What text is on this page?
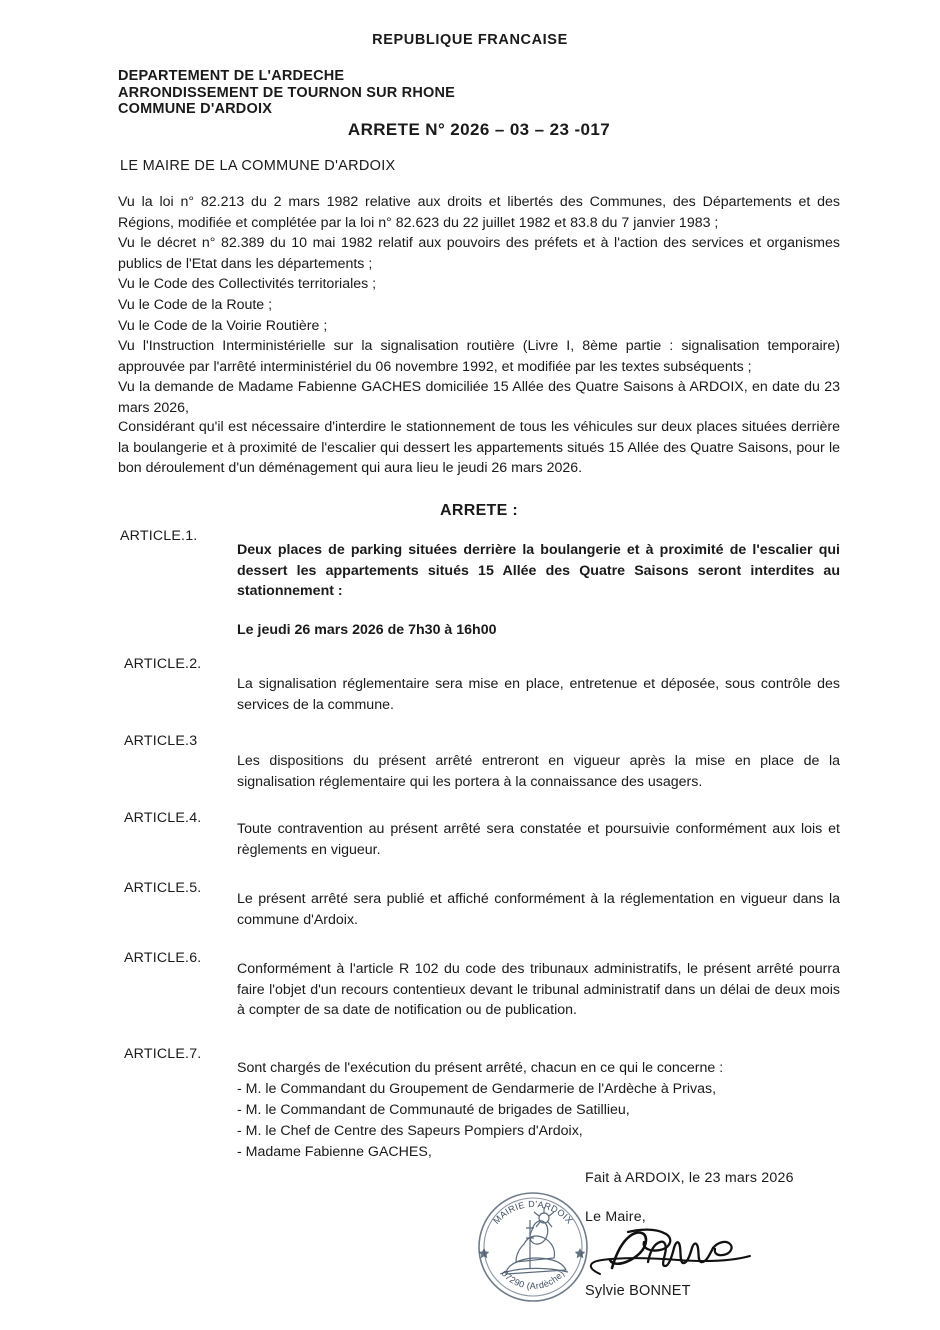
REPUBLIQUE FRANCAISE
DEPARTEMENT DE L'ARDECHE
ARRONDISSEMENT DE TOURNON SUR RHONE
COMMUNE D'ARDOIX
ARRETE N° 2026 – 03 – 23 -017
LE MAIRE DE LA COMMUNE D'ARDOIX

Vu la loi n° 82.213 du 2 mars 1982 relative aux droits et libertés des Communes, des Départements et des Régions, modifiée et complétée par la loi n° 82.623 du 22 juillet 1982 et 83.8 du 7 janvier 1983 ;

Vu le décret n° 82.389 du 10 mai 1982 relatif aux pouvoirs des préfets et à l'action des services et organismes publics de l'Etat dans les départements ;

Vu le Code des Collectivités territoriales ;

Vu le Code de la Route ;

Vu le Code de la Voirie Routière ;

Vu l'Instruction Interministérielle sur la signalisation routière (Livre I, 8ème partie : signalisation temporaire) approuvée par l'arrêté interministériel du 06 novembre 1992, et modifiée par les textes subséquents ;

Vu la demande de Madame Fabienne GACHES domiciliée 15 Allée des Quatre Saisons à ARDOIX, en date du 23 mars 2026,

Considérant qu'il est nécessaire d'interdire le stationnement de tous les véhicules sur deux places situées derrière la boulangerie et à proximité de l'escalier qui dessert les appartements situés 15 Allée des Quatre Saisons, pour le bon déroulement d'un déménagement qui aura lieu le jeudi 26 mars 2026.

ARRETE :
ARTICLE.1.

Deux places de parking situées derrière la boulangerie et à proximité de l'escalier qui dessert les appartements situés 15 Allée des Quatre Saisons seront interdites au stationnement :

Le jeudi 26 mars 2026 de 7h30 à 16h00

ARTICLE.2.

La signalisation réglementaire sera mise en place, entretenue et déposée, sous contrôle des services de la commune.

ARTICLE.3

Les dispositions du présent arrêté entreront en vigueur après la mise en place de la signalisation réglementaire qui les portera à la connaissance des usagers.

ARTICLE.4.

Toute contravention au présent arrêté sera constatée et poursuivie conformément aux lois et règlements en vigueur.

ARTICLE.5.

Le présent arrêté sera publié et affiché conformément à la réglementation en vigueur dans la commune d'Ardoix.

ARTICLE.6.

Conformément à l'article R 102 du code des tribunaux administratifs, le présent arrêté pourra faire l'objet d'un recours contentieux devant le tribunal administratif dans un délai de deux mois à compter de sa date de notification ou de publication.

ARTICLE.7.

Sont chargés de l'exécution du présent arrêté, chacun en ce qui le concerne :

- M. le Commandant du Groupement de Gendarmerie de l'Ardèche à Privas,

- M. le Commandant de Communauté de brigades de Satillieu,

- M. le Chef de Centre des Sapeurs Pompiers d'Ardoix,

- Madame Fabienne GACHES,

Fait à ARDOIX, le 23 mars 2026
Le Maire,
Sylvie BONNET
MAIRIE D'ARDOIX
07290 (Ardèche)
